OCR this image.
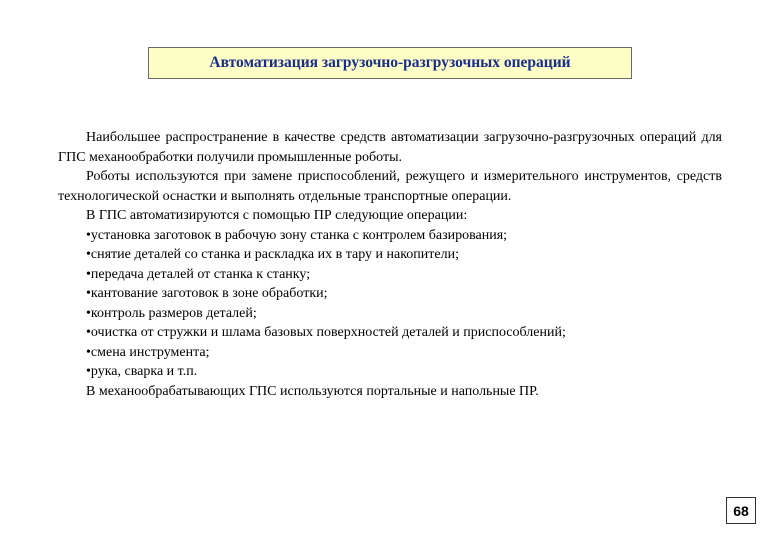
Автоматизация загрузочно-разгрузочных операций

Наибольшее распространение в качестве средств автоматизации загрузочно-разгрузочных операций для ГПС механообработки получили промышленные роботы.

Роботы используются при замене приспособлений, режущего и измерительного инструментов, средств технологической оснастки и выполнять отдельные транспортные операции.

В ГПС автоматизируются с помощью ПР следующие операции:

•установка заготовок в рабочую зону станка с контролем базирования;

•снятие деталей со станка и раскладка их в тару и накопители;

•передача деталей от станка к станку;

•кантование заготовок в зоне обработки;

•контроль размеров деталей;

•очистка от стружки и шлама базовых поверхностей деталей и приспособлений;

•смена инструмента;

•рука, сварка и т.п.

В механообрабатывающих ГПС используются портальные и напольные ПР.

68
